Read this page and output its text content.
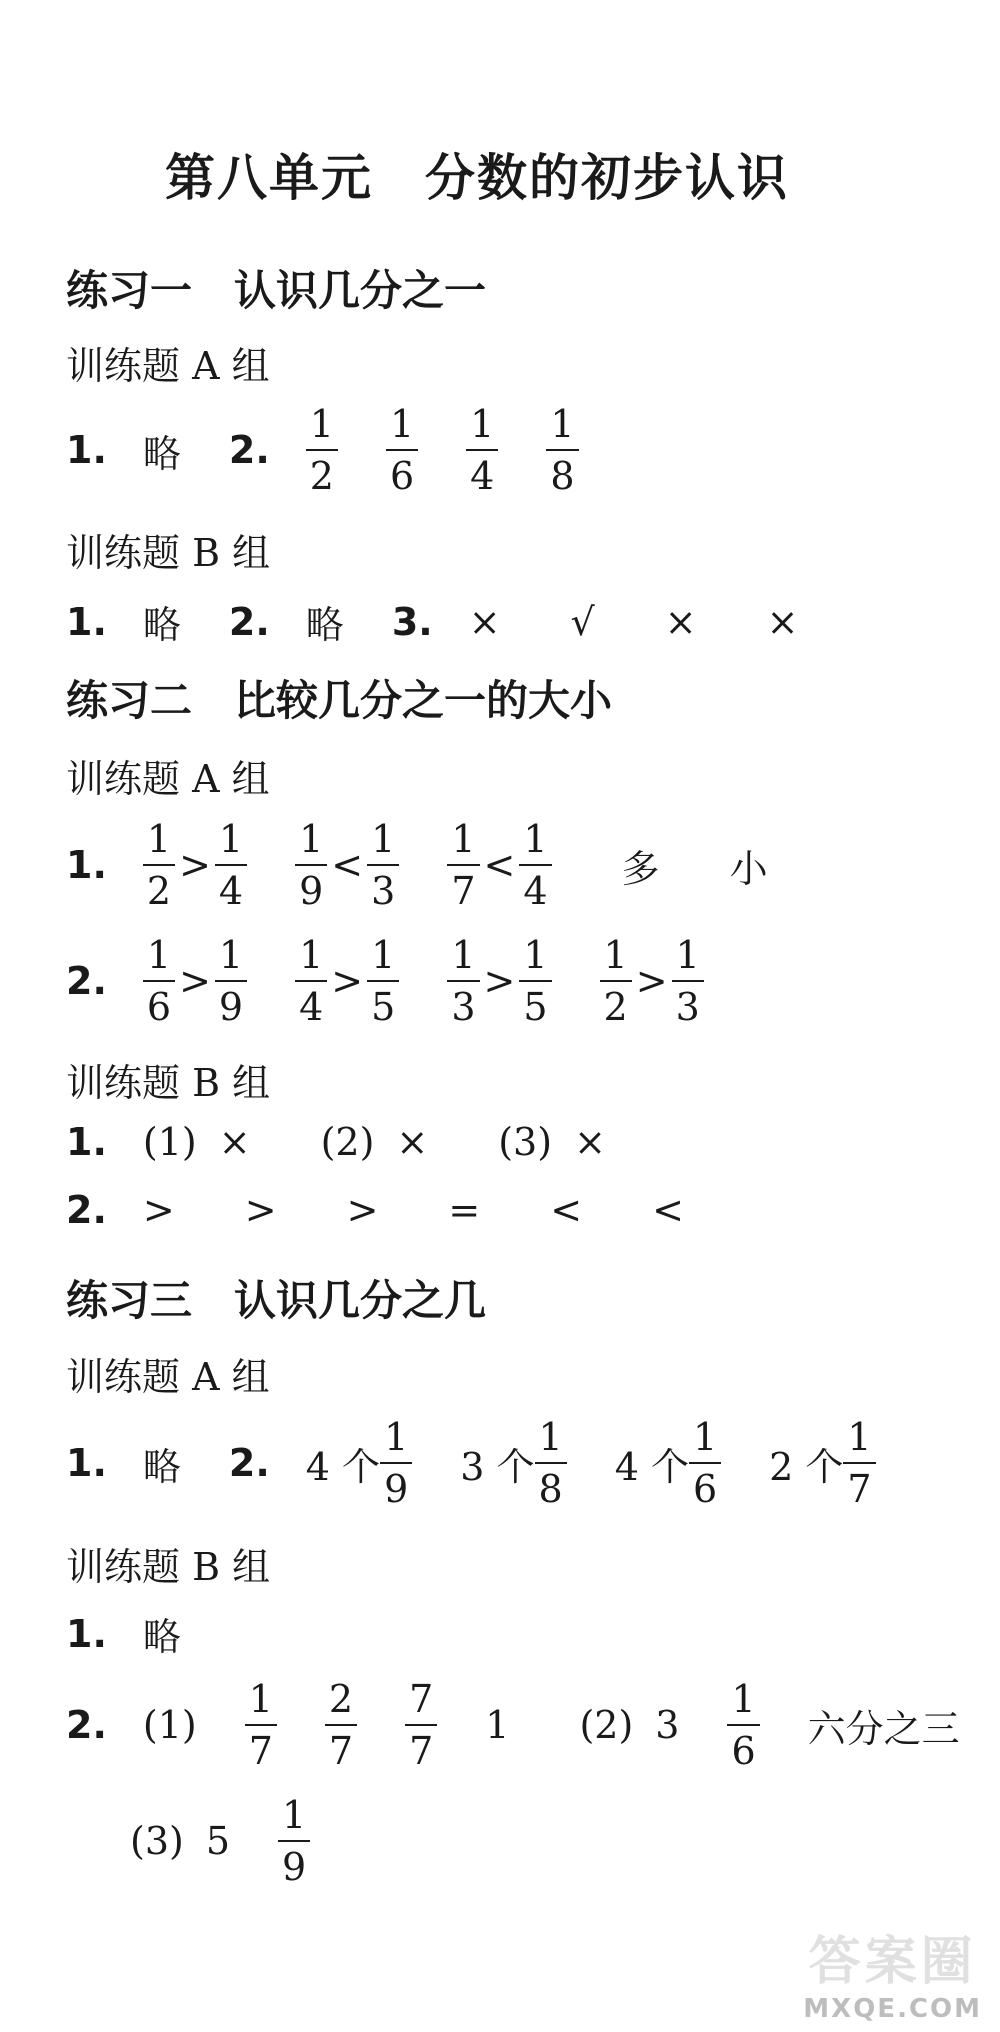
第八单元　分数的初步认识
练习一　认识几分之一
训练题 A 组
1. 略 2. $\frac{1}{2} \frac{1}{6} \frac{1}{4} \frac{1}{8}$
训练题 B 组
1. 略 2. 略 3. × √ × ×
练习二　比较几分之一的大小
训练题 A 组
1. $\frac{1}{2} > \frac{1}{4} \frac{1}{9} < \frac{1}{3} \frac{1}{7} < \frac{1}{4}$ 多 小
2. $\frac{1}{6} > \frac{1}{9} \frac{1}{4} > \frac{1}{5} \frac{1}{3} > \frac{1}{5} \frac{1}{2} > \frac{1}{3}$
训练题 B 组
1. (1) × (2) × (3) ×
2. > > > = < <
练习三　认识几分之几
训练题 A 组
1. 略 2. 4 个 $\frac{1}{9} 3$ 个 $\frac{1}{8} 4$ 个 $\frac{1}{6} 2$ 个 $\frac{1}{7}$
训练题 B 组
1. 略
2. $(1) \frac{1}{7} \frac{2}{7} \frac{7}{7} 1$ (2) $3 \frac{1}{6}$ 六分之三
(3) $5 \frac{1}{9}$
答案圈
MXQE.COM
